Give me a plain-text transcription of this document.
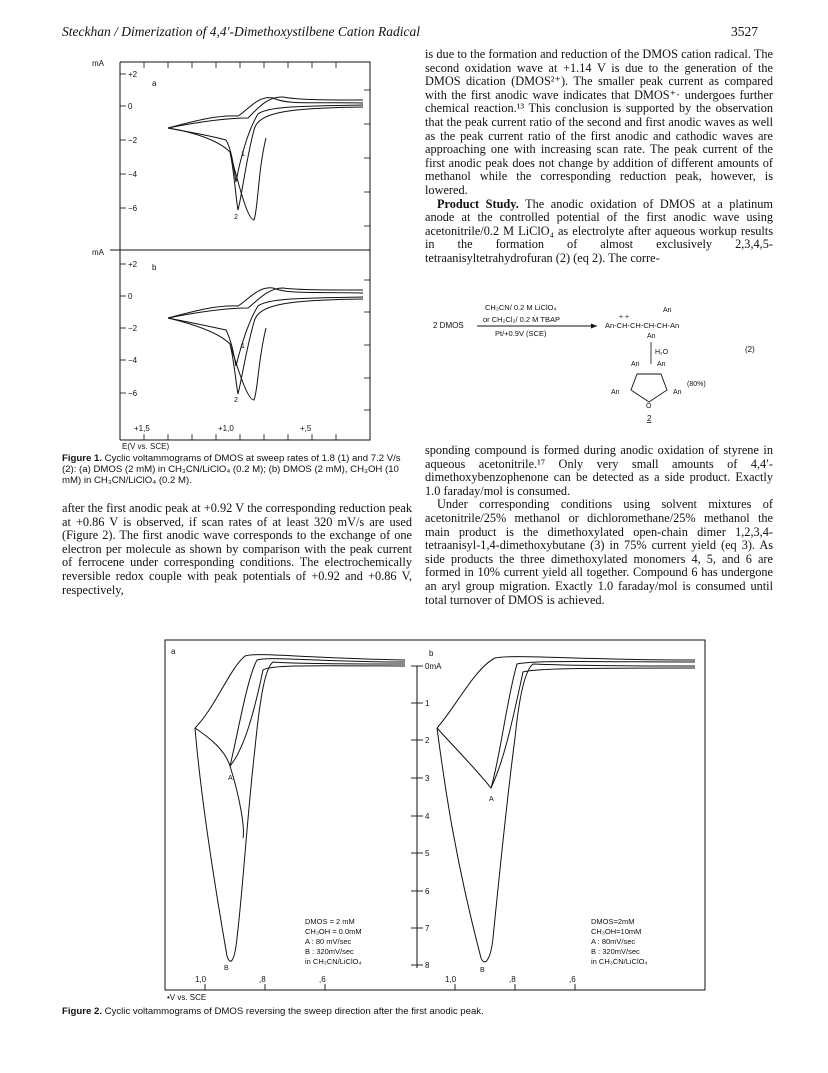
Steckhan / Dimerization of 4,4′-Dimethoxystilbene Cation Radical	3527
mA
mA
a
b
+2
0
−2
−4
−6
+2
0
−2
−4
−6
1
2
1
2
+1,5	+1,0	+,5
E(V vs. SCE)
Figure 1. Cyclic voltammograms of DMOS at sweep rates of 1.8 (1) and 7.2 V/s (2): (a) DMOS (2 mM) in CH₃CN/LiClO₄ (0.2 M); (b) DMOS (2 mM), CH₃OH (10 mM) in CH₃CN/LiClO₄ (0.2 M).

after the first anodic peak at +0.92 V the corresponding reduction peak at +0.86 V is observed, if scan rates of at least 320 mV/s are used (Figure 2). The first anodic wave corresponds to the exchange of one electron per molecule as shown by comparison with the peak current of ferrocene under corresponding conditions. The electrochemically reversible redox couple with peak potentials of +0.92 and +0.86 V, respectively,

is due to the formation and reduction of the DMOS cation radical. The second oxidation wave at +1.14 V is due to the generation of the DMOS dication (DMOS²⁺). The smaller peak current as compared with the first anodic wave indicates that DMOS⁺· undergoes further chemical reaction.¹³ This conclusion is supported by the observation that the peak current ratio of the second and first anodic waves as well as the peak current ratio of the first anodic and cathodic waves are approaching one with increasing scan rate. The peak current of the first anodic peak does not change by addition of different amounts of methanol while the corresponding reduction peak, however, is lowered.

Product Study. The anodic oxidation of DMOS at a platinum anode at the controlled potential of the first anodic wave using acetonitrile/0.2 M LiClO₄ as electrolyte after aqueous workup results in the formation of almost exclusively 2,3,4,5-tetraanisyltetrahydrofuran (2) (eq 2). The corre-

2 DMOS
CH₃CN/ 0.2 M LiClO₄
or CH₂Cl₂/ 0.2 M TBAP
Pt/+0.9V (SCE)
An
+ +
An-CH-CH-CH-CH-An
An
H₂O
An An
(80%)
An	An
O
2
(2)

sponding compound is formed during anodic oxidation of styrene in aqueous acetonitrile.¹⁷ Only very small amounts of 4,4′-dimethoxybenzophenone can be detected as a side product. Exactly 1.0 faraday/mol is consumed.

Under corresponding conditions using solvent mixtures of acetonitrile/25% methanol or dichloromethane/25% methanol the main product is the dimethoxylated open-chain dimer 1,2,3,4-tetraanisyl-1,4-dimethoxybutane (3) in 75% current yield (eq 3). As side products the three dimethoxylated monomers 4, 5, and 6 are formed in 10% current yield all together. Compound 6 has undergone an aryl group migration. Exactly 1.0 faraday/mol is consumed until total turnover of DMOS is achieved.

a	b
0mA
1
2
3
4
5
6
7
8
A
B
A
B
DMOS = 2 mM
CH₃OH = 0.0mM
A : 80 mV/sec
B : 320mV/sec
in CH₃CN/LiClO₄
DMOS=2mM
CH₃OH=10mM
A : 80mV/sec
B : 320mV/sec
in CH₃CN/LiClO₄
1,0	,8	,6	1,0	,8	,6
•V vs. SCE
Figure 2. Cyclic voltammograms of DMOS reversing the sweep direction after the first anodic peak.
